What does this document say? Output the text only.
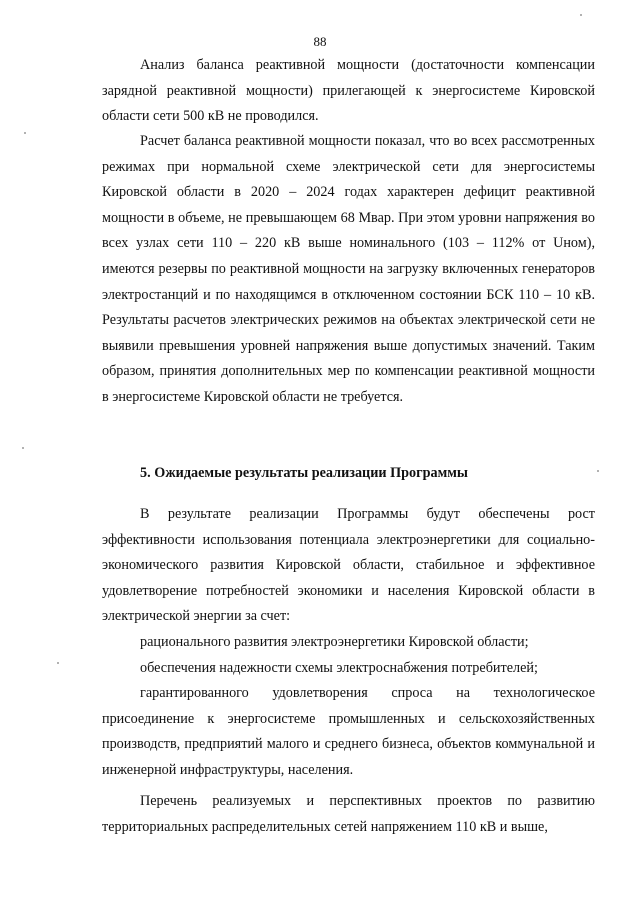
88

Анализ баланса реактивной мощности (достаточности компенсации зарядной реактивной мощности) прилегающей к энергосистеме Кировской области сети 500 кВ не проводился.

Расчет баланса реактивной мощности показал, что во всех рассмотренных режимах при нормальной схеме электрической сети для энергосистемы Кировской области в 2020 – 2024 годах характерен дефицит реактивной мощности в объеме, не превышающем 68 Мвар. При этом уровни напряжения во всех узлах сети 110 – 220 кВ выше номинального (103 – 112% от Uном), имеются резервы по реактивной мощности на загрузку включенных генераторов электростанций и по находящимся в отключенном состоянии БСК 110 – 10 кВ. Результаты расчетов электрических режимов на объектах электрической сети не выявили превышения уровней напряжения выше допустимых значений. Таким образом, принятия дополнительных мер по компенсации реактивной мощности в энергосистеме Кировской области не требуется.

5. Ожидаемые результаты реализации Программы

В результате реализации Программы будут обеспечены рост эффективности использования потенциала электроэнергетики для социально-экономического развития Кировской области, стабильное и эффективное удовлетворение потребностей экономики и населения Кировской области в электрической энергии за счет:

рационального развития электроэнергетики Кировской области;

обеспечения надежности схемы электроснабжения потребителей;

гарантированного удовлетворения спроса на технологическое присоединение к энергосистеме промышленных и сельскохозяйственных производств, предприятий малого и среднего бизнеса, объектов коммунальной и инженерной инфраструктуры, населения.

Перечень реализуемых и перспективных проектов по развитию территориальных распределительных сетей напряжением 110 кВ и выше,
